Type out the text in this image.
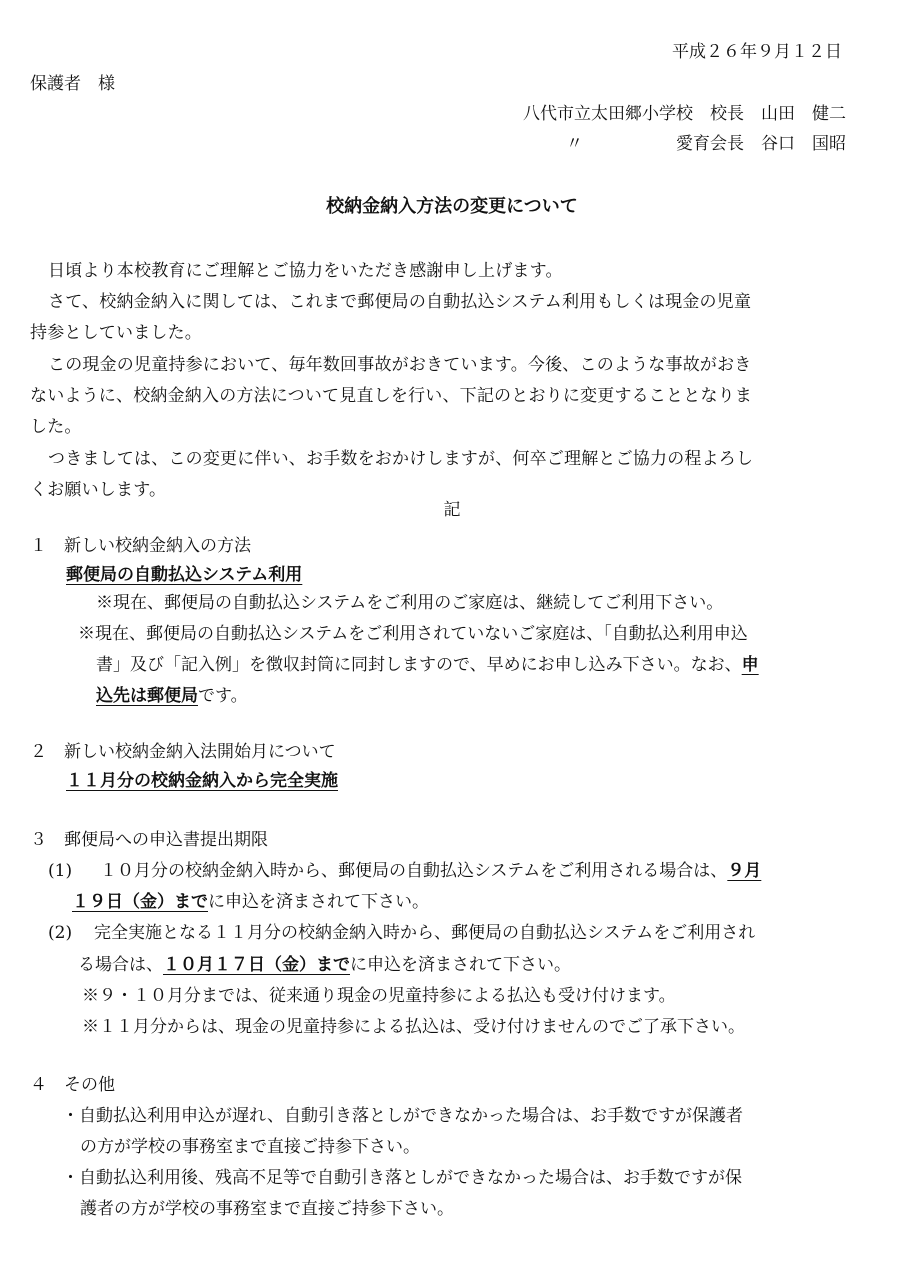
平成２６年９月１２日
保護者　様
八代市立太田郷小学校　校長　山田　健二
〃	愛育会長　谷口　国昭
校納金納入方法の変更について
日頃より本校教育にご理解とご協力をいただき感謝申し上げます。
さて、校納金納入に関しては、これまで郵便局の自動払込システム利用もしくは現金の児童
持参としていました。
この現金の児童持参において、毎年数回事故がおきています。今後、このような事故がおき
ないように、校納金納入の方法について見直しを行い、下記のとおりに変更することとなりま
した。
つきましては、この変更に伴い、お手数をおかけしますが、何卒ご理解とご協力の程よろし
くお願いします。
記
１　新しい校納金納入の方法
郵便局の自動払込システム利用
※現在、郵便局の自動払込システムをご利用のご家庭は、継続してご利用下さい。
※現在、郵便局の自動払込システムをご利用されていないご家庭は、「自動払込利用申込
書」及び「記入例」を徴収封筒に同封しますので、早めにお申し込み下さい。なお、申
込先は郵便局です。
２　新しい校納金納入法開始月について
１１月分の校納金納入から完全実施
３　郵便局への申込書提出期限
(1) １０月分の校納金納入時から、郵便局の自動払込システムをご利用される場合は、９月
１９日（金）までに申込を済まされて下さい。
(2) 完全実施となる１１月分の校納金納入時から、郵便局の自動払込システムをご利用され
る場合は、１０月１７日（金）までに申込を済まされて下さい。
※９・１０月分までは、従来通り現金の児童持参による払込も受け付けます。
※１１月分からは、現金の児童持参による払込は、受け付けませんのでご了承下さい。
４　その他
・自動払込利用申込が遅れ、自動引き落としができなかった場合は、お手数ですが保護者
の方が学校の事務室まで直接ご持参下さい。
・自動払込利用後、残高不足等で自動引き落としができなかった場合は、お手数ですが保
護者の方が学校の事務室まで直接ご持参下さい。
